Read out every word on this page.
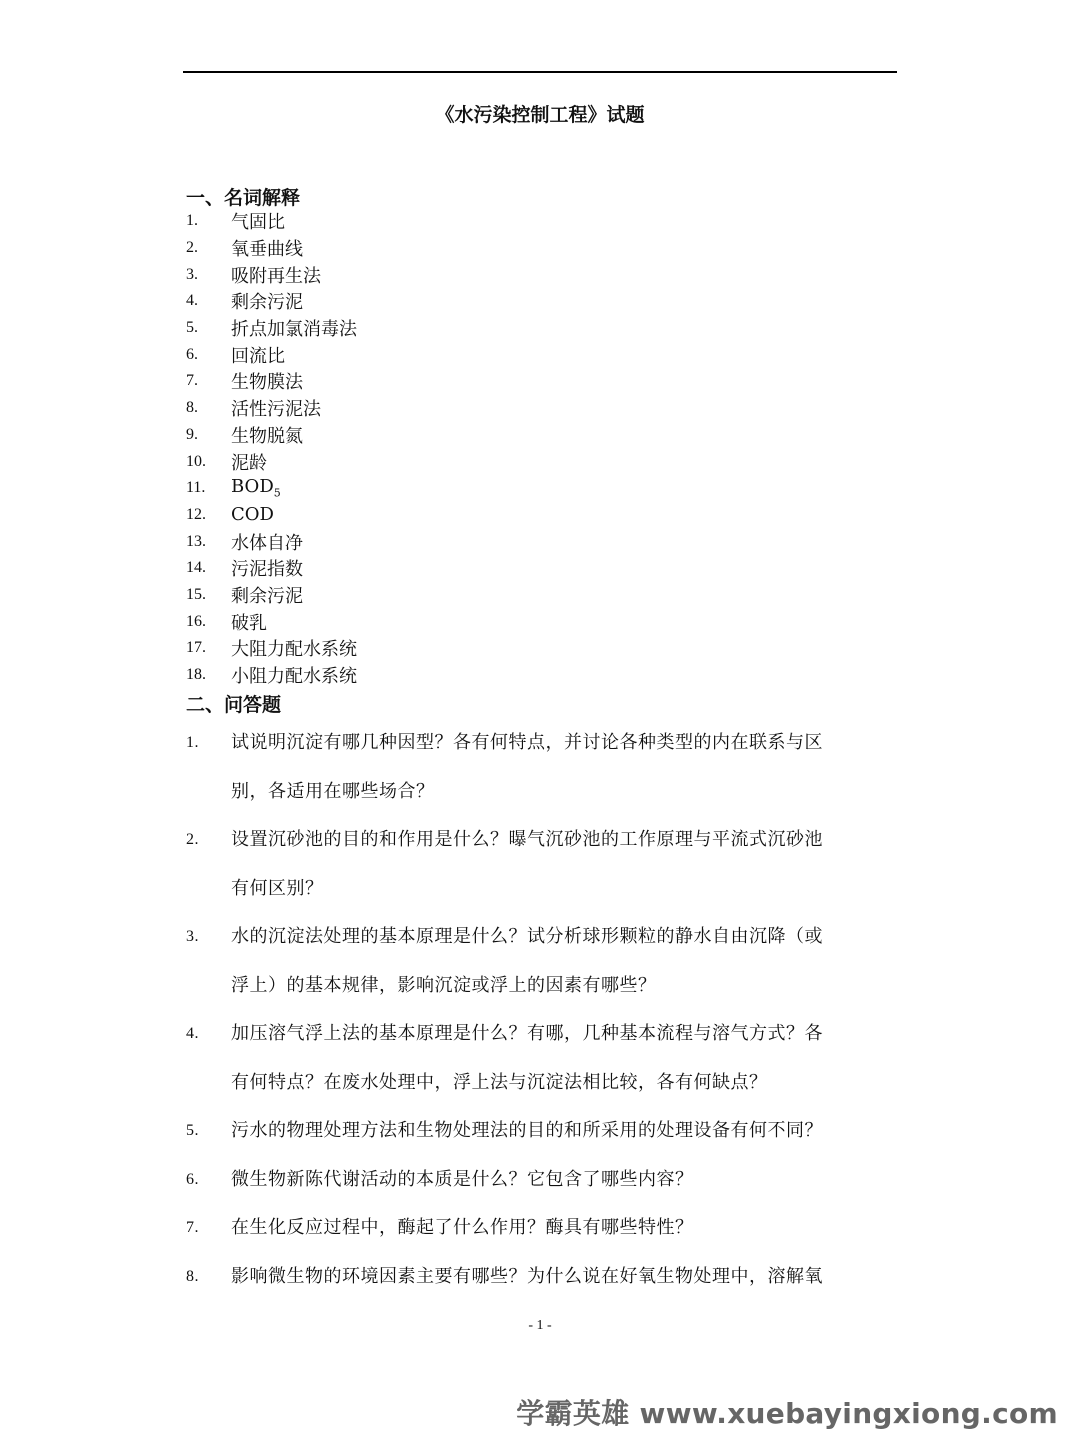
《水污染控制工程》试题
一、名词解释
1.	气固比
2.	氧垂曲线
3.	吸附再生法
4.	剩余污泥
5.	折点加氯消毒法
6.	回流比
7.	生物膜法
8.	活性污泥法
9.	生物脱氮
10.	泥龄
11.	$BOD_5$
12.	COD
13.	水体自净
14.	污泥指数
15.	剩余污泥
16.	破乳
17.	大阻力配水系统
18.	小阻力配水系统
二、问答题
1.	试说明沉淀有哪几种因型？各有何特点，并讨论各种类型的内在联系与区
别，各适用在哪些场合？
2.	设置沉砂池的目的和作用是什么？曝气沉砂池的工作原理与平流式沉砂池
有何区别？
3.	水的沉淀法处理的基本原理是什么？试分析球形颗粒的静水自由沉降（或
浮上）的基本规律，影响沉淀或浮上的因素有哪些？
4.	加压溶气浮上法的基本原理是什么？有哪，几种基本流程与溶气方式？各
有何特点？在废水处理中，浮上法与沉淀法相比较，各有何缺点？
5.	污水的物理处理方法和生物处理法的目的和所采用的处理设备有何不同？
6.	微生物新陈代谢活动的本质是什么？它包含了哪些内容？
7.	在生化反应过程中，酶起了什么作用？酶具有哪些特性？
8.	影响微生物的环境因素主要有哪些？为什么说在好氧生物处理中，溶解氧
- 1 -
学霸英雄 www.xuebayingxiong.com
